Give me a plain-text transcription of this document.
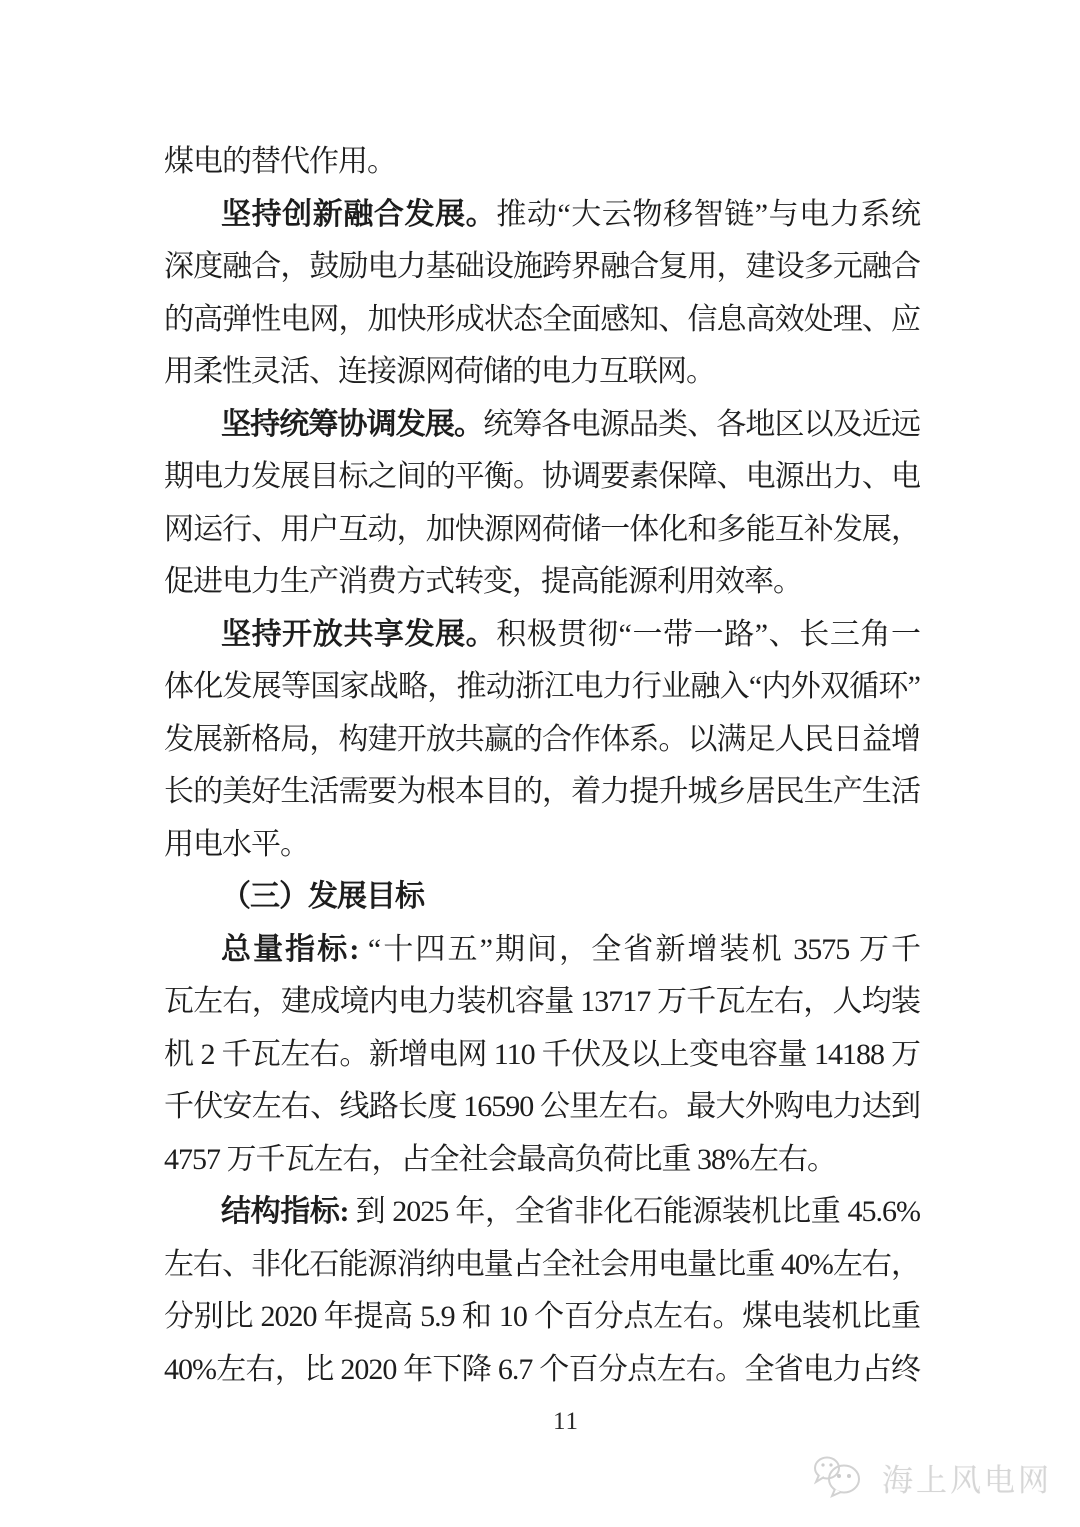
煤电的替代作用。
坚持创新融合发展。推动“大云物移智链”与电力系统
深度融合，鼓励电力基础设施跨界融合复用，建设多元融合
的高弹性电网，加快形成状态全面感知、信息高效处理、应
用柔性灵活、连接源网荷储的电力互联网。
坚持统筹协调发展。统筹各电源品类、各地区以及近远
期电力发展目标之间的平衡。协调要素保障、电源出力、电
网运行、用户互动，加快源网荷储一体化和多能互补发展，
促进电力生产消费方式转变，提高能源利用效率。
坚持开放共享发展。积极贯彻“一带一路”、长三角一
体化发展等国家战略，推动浙江电力行业融入“内外双循环”
发展新格局，构建开放共赢的合作体系。以满足人民日益增
长的美好生活需要为根本目的，着力提升城乡居民生产生活
用电水平。
（三）发展目标
总量指标: “十四五”期间，全省新增装机 3575 万千
瓦左右，建成境内电力装机容量 13717 万千瓦左右，人均装
机 2 千瓦左右。新增电网 110 千伏及以上变电容量 14188 万
千伏安左右、线路长度 16590 公里左右。最大外购电力达到
4757 万千瓦左右，占全社会最高负荷比重 38%左右。
结构指标: 到 2025 年，全省非化石能源装机比重 45.6%
左右、非化石能源消纳电量占全社会用电量比重 40%左右，
分别比 2020 年提高 5.9 和 10 个百分点左右。煤电装机比重
40%左右，比 2020 年下降 6.7 个百分点左右。全省电力占终
11
海上风电网
